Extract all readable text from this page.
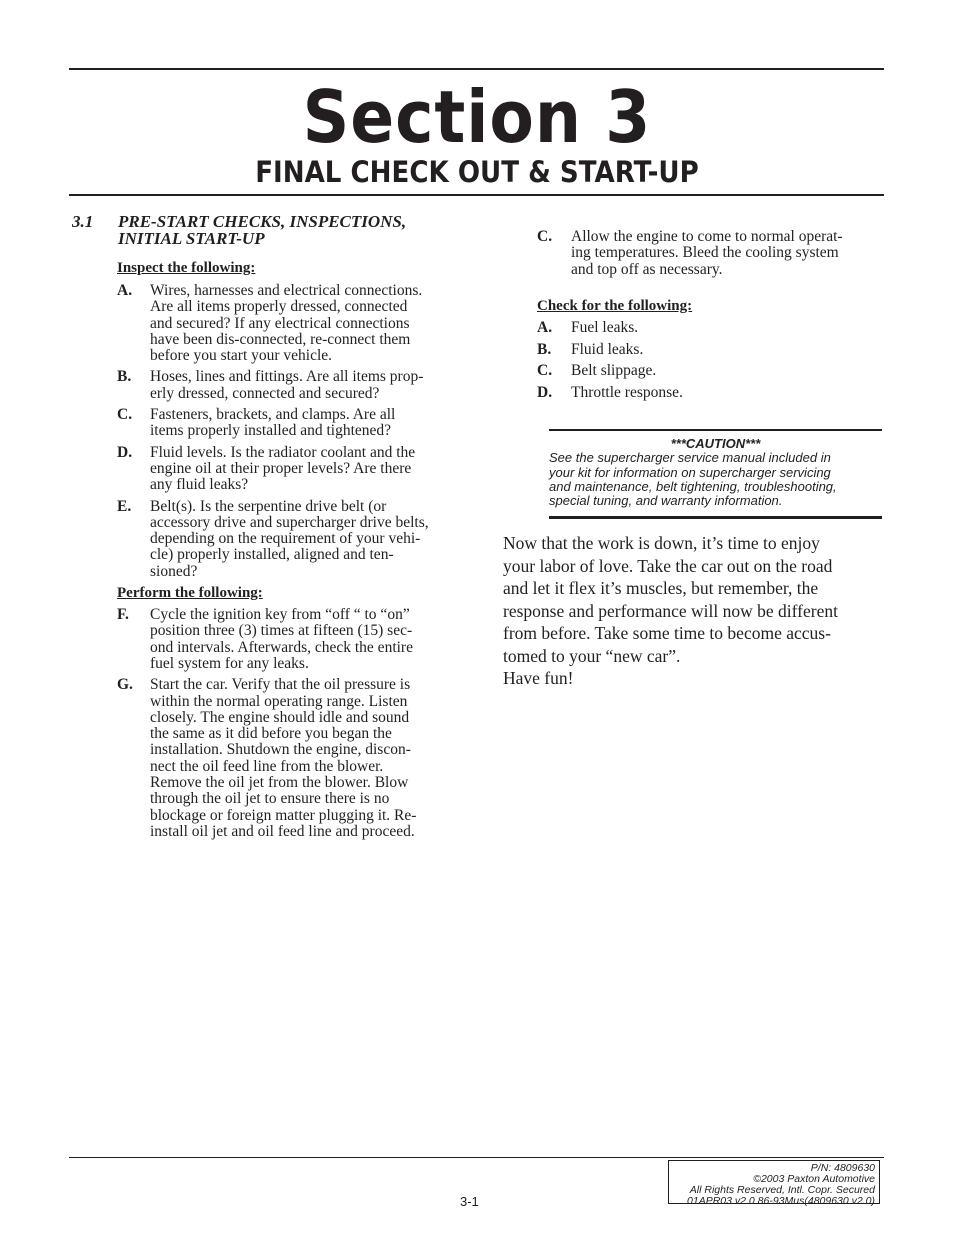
Section 3
FINAL CHECK OUT & START-UP
3.1	PRE-START CHECKS, INSPECTIONS,
INITIAL START-UP
Inspect the following:
A.	Wires, harnesses and electrical connections.
Are all items properly dressed, connected
and secured? If any electrical connections
have been dis-connected, re-connect them
before you start your vehicle.
B.	Hoses, lines and fittings. Are all items prop-
erly dressed, connected and secured?
C.	Fasteners, brackets, and clamps. Are all
items properly installed and tightened?
D.	Fluid levels. Is the radiator coolant and the
engine oil at their proper levels? Are there
any fluid leaks?
E.	Belt(s). Is the serpentine drive belt (or
accessory drive and supercharger drive belts,
depending on the requirement of your vehi-
cle) properly installed, aligned and ten-
sioned?
Perform the following:
F.	Cycle the ignition key from “off “ to “on”
position three (3) times at fifteen (15) sec-
ond intervals. Afterwards, check the entire
fuel system for any leaks.
G.	Start the car. Verify that the oil pressure is
within the normal operating range. Listen
closely. The engine should idle and sound
the same as it did before you began the
installation. Shutdown the engine, discon-
nect the oil feed line from the blower.
Remove the oil jet from the blower. Blow
through the oil jet to ensure there is no
blockage or foreign matter plugging it. Re-
install oil jet and oil feed line and proceed.
C.	Allow the engine to come to normal operat-
ing temperatures. Bleed the cooling system
and top off as necessary.
Check for the following:
A.	Fuel leaks.
B.	Fluid leaks.
C.	Belt slippage.
D.	Throttle response.
***CAUTION***
See the supercharger service manual included in
your kit for information on supercharger servicing
and maintenance, belt tightening, troubleshooting,
special tuning, and warranty information.
Now that the work is down, it’s time to enjoy
your labor of love. Take the car out on the road
and let it flex it’s muscles, but remember, the
response and performance will now be different
from before. Take some time to become accus-
tomed to your “new car”.
Have fun!
3-1
P/N: 4809630
©2003 Paxton Automotive
All Rights Reserved, Intl. Copr. Secured
01APR03 v2.0 86-93Mus(4809630 v2.0)
